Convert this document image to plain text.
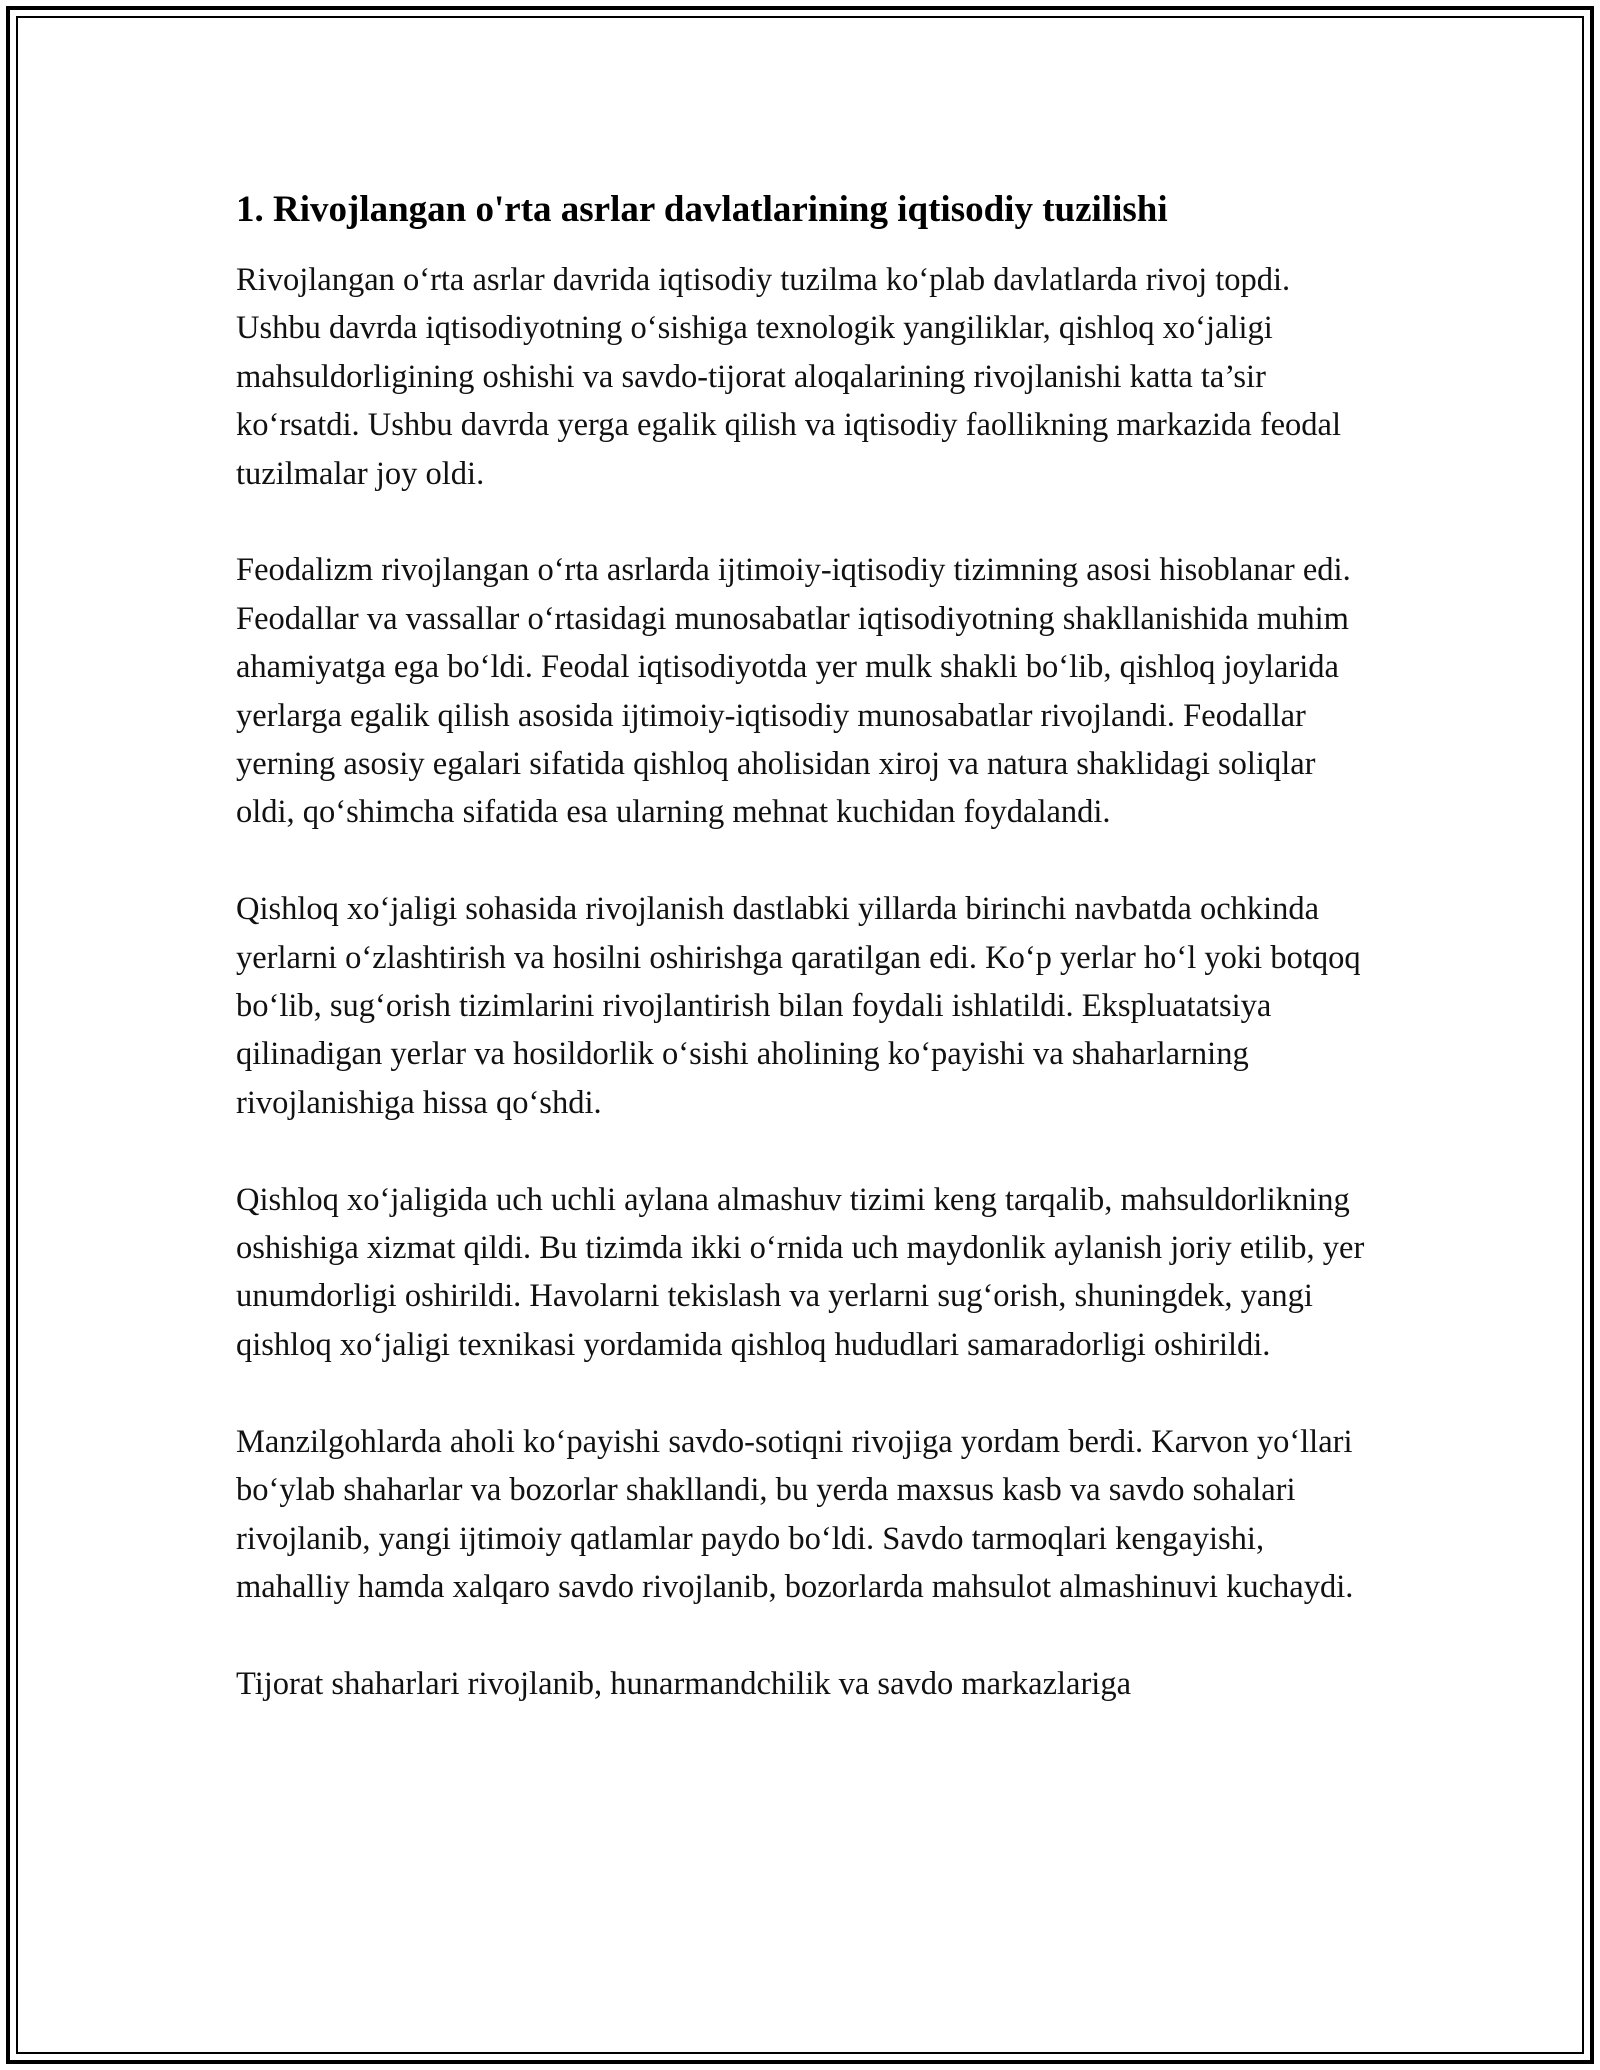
1. Rivojlangan o'rta asrlar davlatlarining iqtisodiy tuzilishi

Rivojlangan o‘rta asrlar davrida iqtisodiy tuzilma ko‘plab davlatlarda rivoj topdi. Ushbu davrda iqtisodiyotning o‘sishiga texnologik yangiliklar, qishloq xo‘jaligi mahsuldorligining oshishi va savdo-tijorat aloqalarining rivojlanishi katta ta’sir ko‘rsatdi. Ushbu davrda yerga egalik qilish va iqtisodiy faollikning markazida feodal tuzilmalar joy oldi.

Feodalizm rivojlangan o‘rta asrlarda ijtimoiy-iqtisodiy tizimning asosi hisoblanar edi. Feodallar va vassallar o‘rtasidagi munosabatlar iqtisodiyotning shakllanishida muhim ahamiyatga ega bo‘ldi. Feodal iqtisodiyotda yer mulk shakli bo‘lib, qishloq joylarida yerlarga egalik qilish asosida ijtimoiy-iqtisodiy munosabatlar rivojlandi. Feodallar yerning asosiy egalari sifatida qishloq aholisidan xiroj va natura shaklidagi soliqlar oldi, qo‘shimcha sifatida esa ularning mehnat kuchidan foydalandi.

Qishloq xo‘jaligi sohasida rivojlanish dastlabki yillarda birinchi navbatda ochkinda yerlarni o‘zlashtirish va hosilni oshirishga qaratilgan edi. Ko‘p yerlar ho‘l yoki botqoq bo‘lib, sug‘orish tizimlarini rivojlantirish bilan foydali ishlatildi. Ekspluatatsiya qilinadigan yerlar va hosildorlik o‘sishi aholining ko‘payishi va shaharlarning rivojlanishiga hissa qo‘shdi.

Qishloq xo‘jaligida uch uchli aylana almashuv tizimi keng tarqalib, mahsuldorlikning oshishiga xizmat qildi. Bu tizimda ikki o‘rnida uch maydonlik aylanish joriy etilib, yer unumdorligi oshirildi. Havolarni tekislash va yerlarni sug‘orish, shuningdek, yangi qishloq xo‘jaligi texnikasi yordamida qishloq hududlari samaradorligi oshirildi.

Manzilgohlarda aholi ko‘payishi savdo-sotiqni rivojiga yordam berdi. Karvon yo‘llari bo‘ylab shaharlar va bozorlar shakllandi, bu yerda maxsus kasb va savdo sohalari rivojlanib, yangi ijtimoiy qatlamlar paydo bo‘ldi. Savdo tarmoqlari kengayishi, mahalliy hamda xalqaro savdo rivojlanib, bozorlarda mahsulot almashinuvi kuchaydi.

Tijorat shaharlari rivojlanib, hunarmandchilik va savdo markazlariga
